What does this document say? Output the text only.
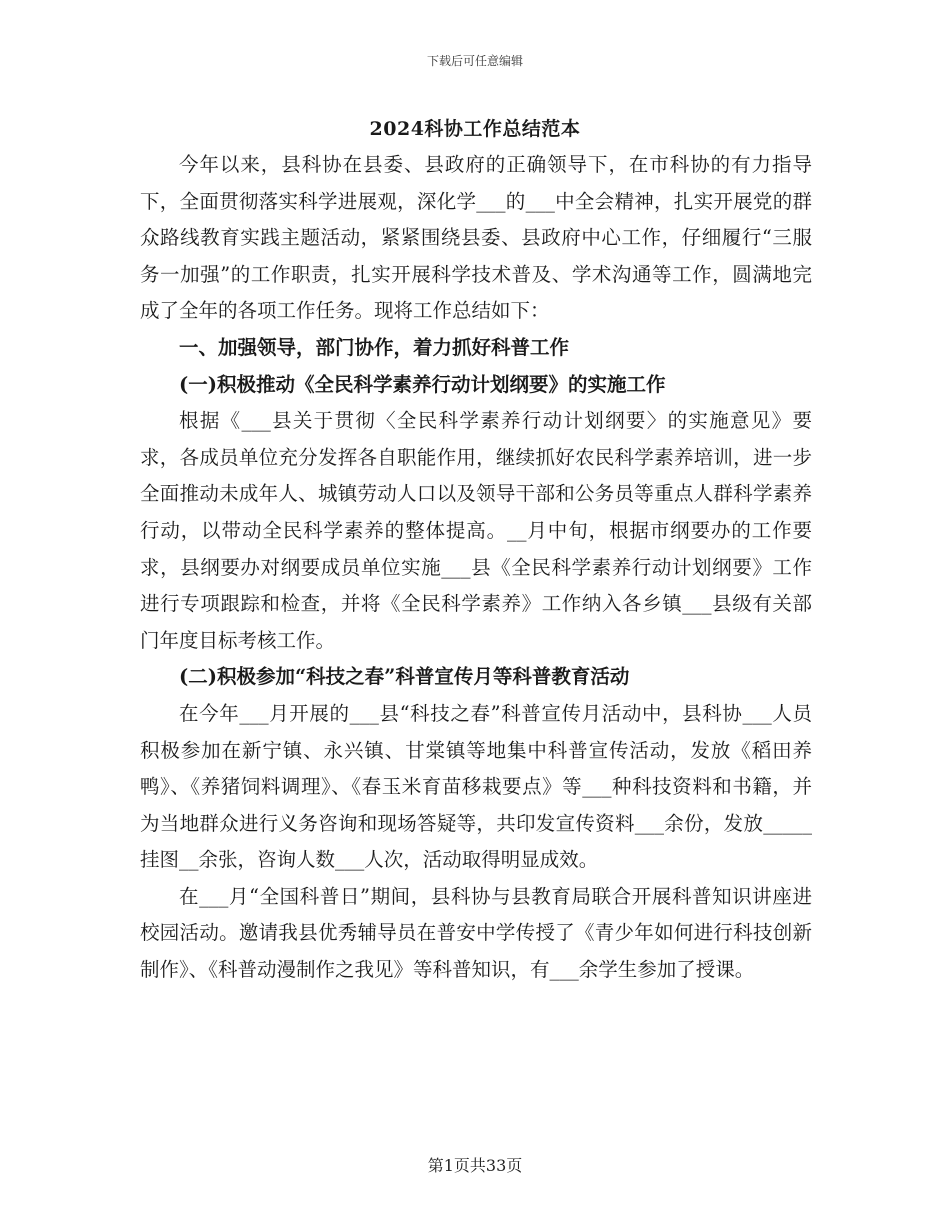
下载后可任意编辑
2024科协工作总结范本

今年以来，县科协在县委、县政府的正确领导下，在市科协的有力指导下，全面贯彻落实科学进展观，深化学___的___中全会精神，扎实开展党的群众路线教育实践主题活动，紧紧围绕县委、县政府中心工作，仔细履行“三服务一加强”的工作职责，扎实开展科学技术普及、学术沟通等工作，圆满地完成了全年的各项工作任务。现将工作总结如下：

一、加强领导，部门协作，着力抓好科普工作

(一)积极推动《全民科学素养行动计划纲要》的实施工作

根据《___县关于贯彻〈全民科学素养行动计划纲要〉的实施意见》要求，各成员单位充分发挥各自职能作用，继续抓好农民科学素养培训，进一步全面推动未成年人、城镇劳动人口以及领导干部和公务员等重点人群科学素养行动，以带动全民科学素养的整体提高。__月中旬，根据市纲要办的工作要求，县纲要办对纲要成员单位实施___县《全民科学素养行动计划纲要》工作进行专项跟踪和检查，并将《全民科学素养》工作纳入各乡镇___县级有关部门年度目标考核工作。

(二)积极参加“科技之春”科普宣传月等科普教育活动

在今年___月开展的___县“科技之春”科普宣传月活动中，县科协___人员积极参加在新宁镇、永兴镇、甘棠镇等地集中科普宣传活动，发放《稻田养鸭》、《养猪饲料调理》、《春玉米育苗移栽要点》等___种科技资料和书籍，并为当地群众进行义务咨询和现场答疑等，共印发宣传资料___余份，发放_____挂图__余张，咨询人数___人次，活动取得明显成效。

在___月“全国科普日”期间，县科协与县教育局联合开展科普知识讲座进校园活动。邀请我县优秀辅导员在普安中学传授了《青少年如何进行科技创新制作》、《科普动漫制作之我见》等科普知识，有___余学生参加了授课。

第1页共33页
